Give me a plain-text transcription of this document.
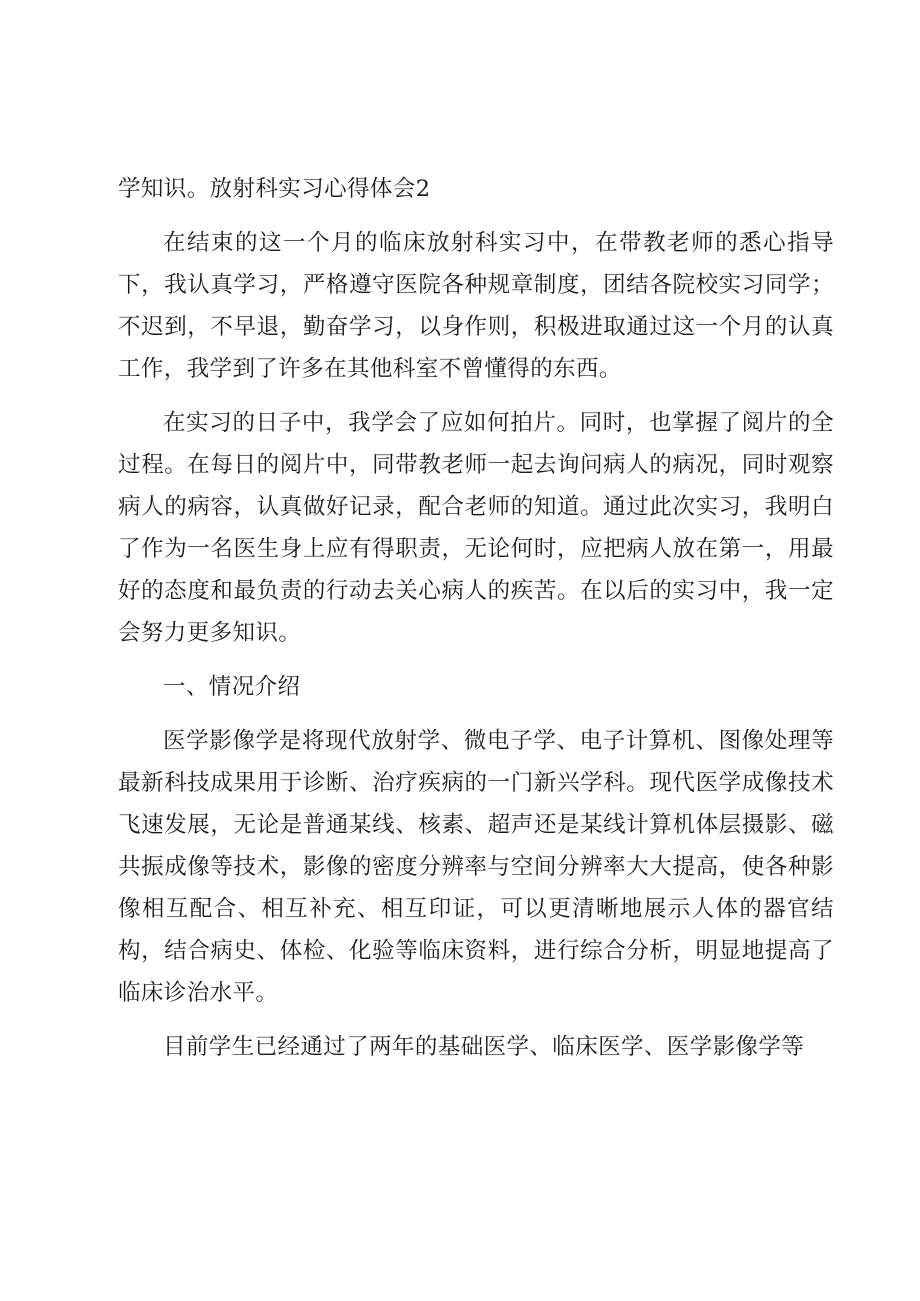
学知识。放射科实习心得体会2

在结束的这一个月的临床放射科实习中，在带教老师的悉心指导下，我认真学习，严格遵守医院各种规章制度，团结各院校实习同学；不迟到，不早退，勤奋学习，以身作则，积极进取通过这一个月的认真工作，我学到了许多在其他科室不曾懂得的东西。

在实习的日子中，我学会了应如何拍片。同时，也掌握了阅片的全过程。在每日的阅片中，同带教老师一起去询问病人的病况，同时观察病人的病容，认真做好记录，配合老师的知道。通过此次实习，我明白了作为一名医生身上应有得职责，无论何时，应把病人放在第一，用最好的态度和最负责的行动去关心病人的疾苦。在以后的实习中，我一定会努力更多知识。

一、情况介绍

医学影像学是将现代放射学、微电子学、电子计算机、图像处理等最新科技成果用于诊断、治疗疾病的一门新兴学科。现代医学成像技术飞速发展，无论是普通某线、核素、超声还是某线计算机体层摄影、磁共振成像等技术，影像的密度分辨率与空间分辨率大大提高，使各种影像相互配合、相互补充、相互印证，可以更清晰地展示人体的器官结构，结合病史、体检、化验等临床资料，进行综合分析，明显地提高了临床诊治水平。

目前学生已经通过了两年的基础医学、临床医学、医学影像学等
